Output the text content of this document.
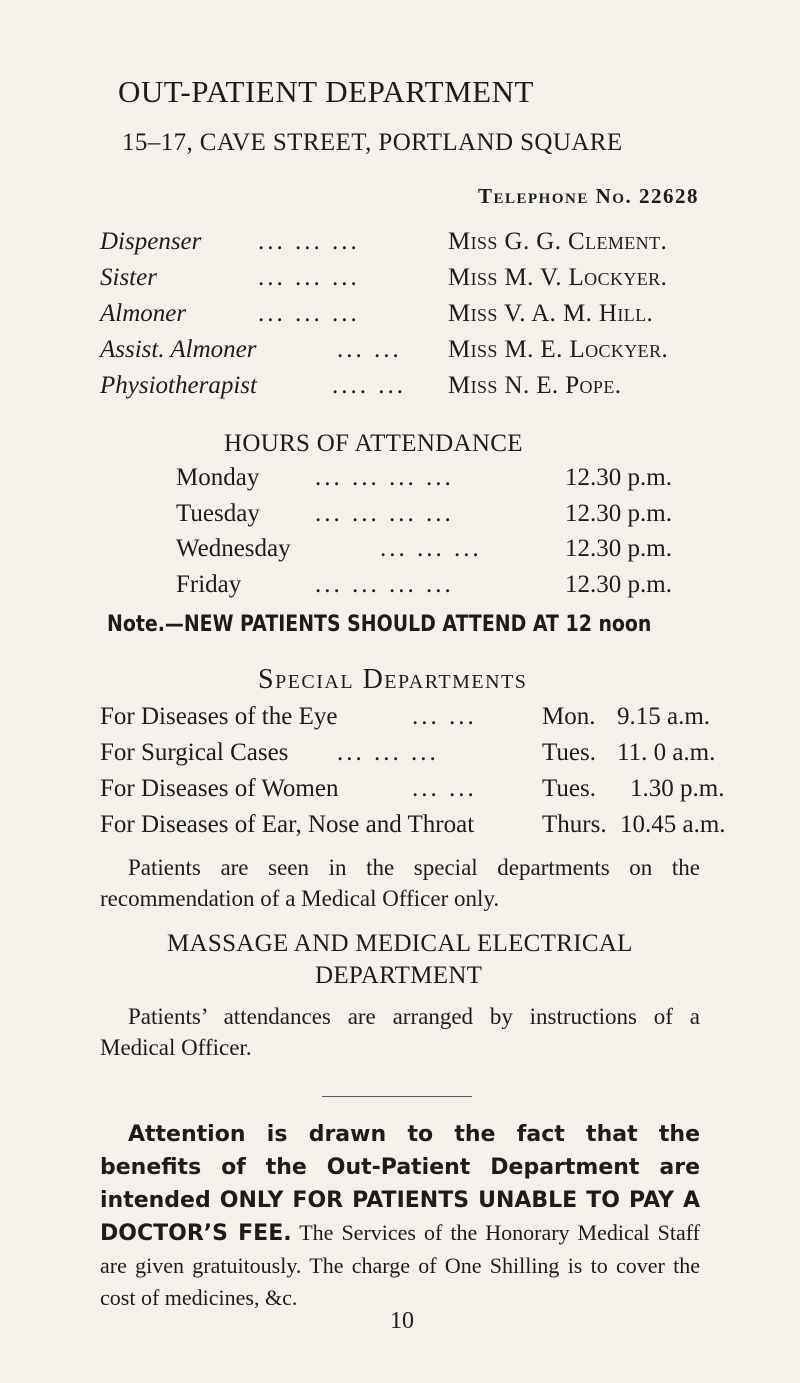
OUT-PATIENT DEPARTMENT
15–17, CAVE STREET, PORTLAND SQUARE
Telephone No. 22628
Dispenser ... ... ...	Miss G. G. Clement.
Sister	... ... ...	Miss M. V. Lockyer.
Almoner	... ... ...	Miss V. A. M. Hill.
Assist. Almoner	... ... Miss M. E. Lockyer.
Physiotherapist	.... ... Miss N. E. Pope.
HOURS OF ATTENDANCE
Monday ... ... ... ...	12.30 p.m.
Tuesday ... ... ... ...	12.30 p.m.
Wednesday	... ... ...	12.30 p.m.
Friday	... ... ... ...	12.30 p.m.
Note.—NEW PATIENTS SHOULD ATTEND AT 12 noon
Special Departments
For Diseases of the Eye	... ...	Mon. 9.15 a.m.
For Surgical Cases ... ... ...	Tues. 11. 0 a.m.
For Diseases of Women	... ...	Tues. 1.30 p.m.
For Diseases of Ear, Nose and Throat	Thurs. 10.45 a.m.
Patients are seen in the special departments on the recommendation of a Medical Officer only.
MASSAGE AND MEDICAL ELECTRICAL
DEPARTMENT
Patients’ attendances are arranged by instructions of a Medical Officer.
Attention is drawn to the fact that the benefits of the Out-Patient Department are intended ONLY FOR PATIENTS UNABLE TO PAY A DOCTOR’S FEE. The Services of the Honorary Medical Staff are given gratuitously. The charge of One Shilling is to cover the cost of medicines, &c.
10
